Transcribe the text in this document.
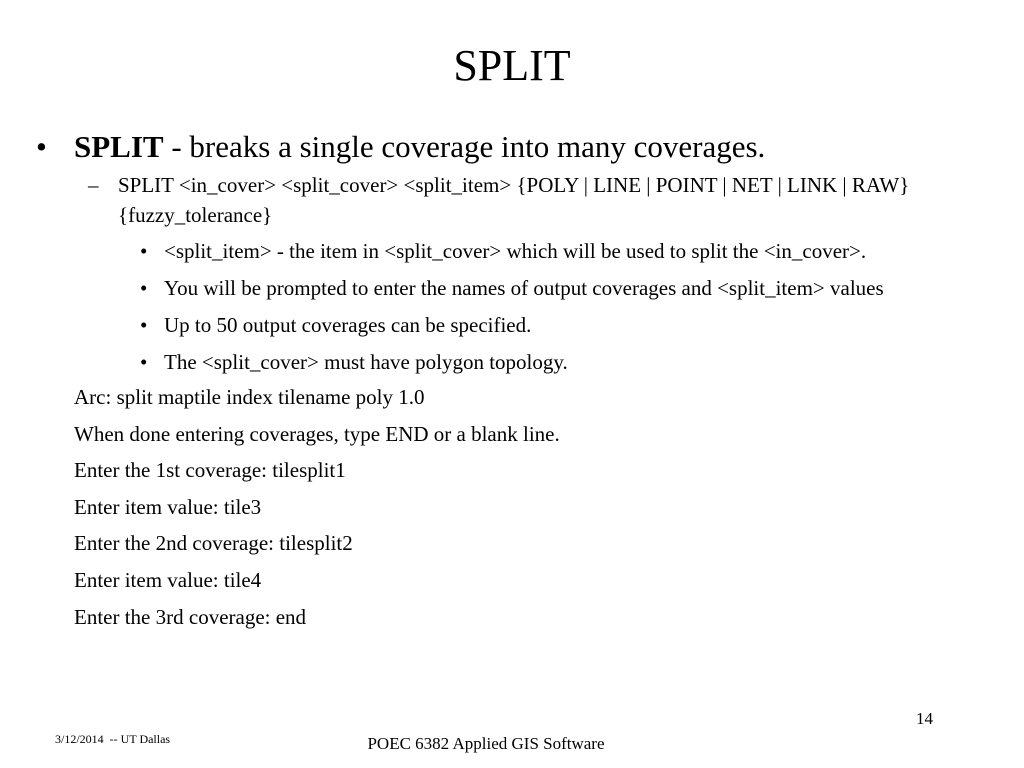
SPLIT
• SPLIT - breaks a single coverage into many coverages.
– SPLIT <in_cover> <split_cover> <split_item> {POLY | LINE | POINT | NET | LINK | RAW} {fuzzy_tolerance}
• <split_item> - the item in <split_cover> which will be used to split the <in_cover>.
• You will be prompted to enter the names of output coverages and <split_item> values
• Up to 50 output coverages can be specified.
• The <split_cover> must have polygon topology.
Arc: split maptile index tilename poly 1.0
When done entering coverages, type END or a blank line.
Enter the 1st coverage: tilesplit1
Enter item value: tile3
Enter the 2nd coverage: tilesplit2
Enter item value: tile4
Enter the 3rd coverage: end
14
3/12/2014  -- UT Dallas	POEC 6382 Applied GIS Software
